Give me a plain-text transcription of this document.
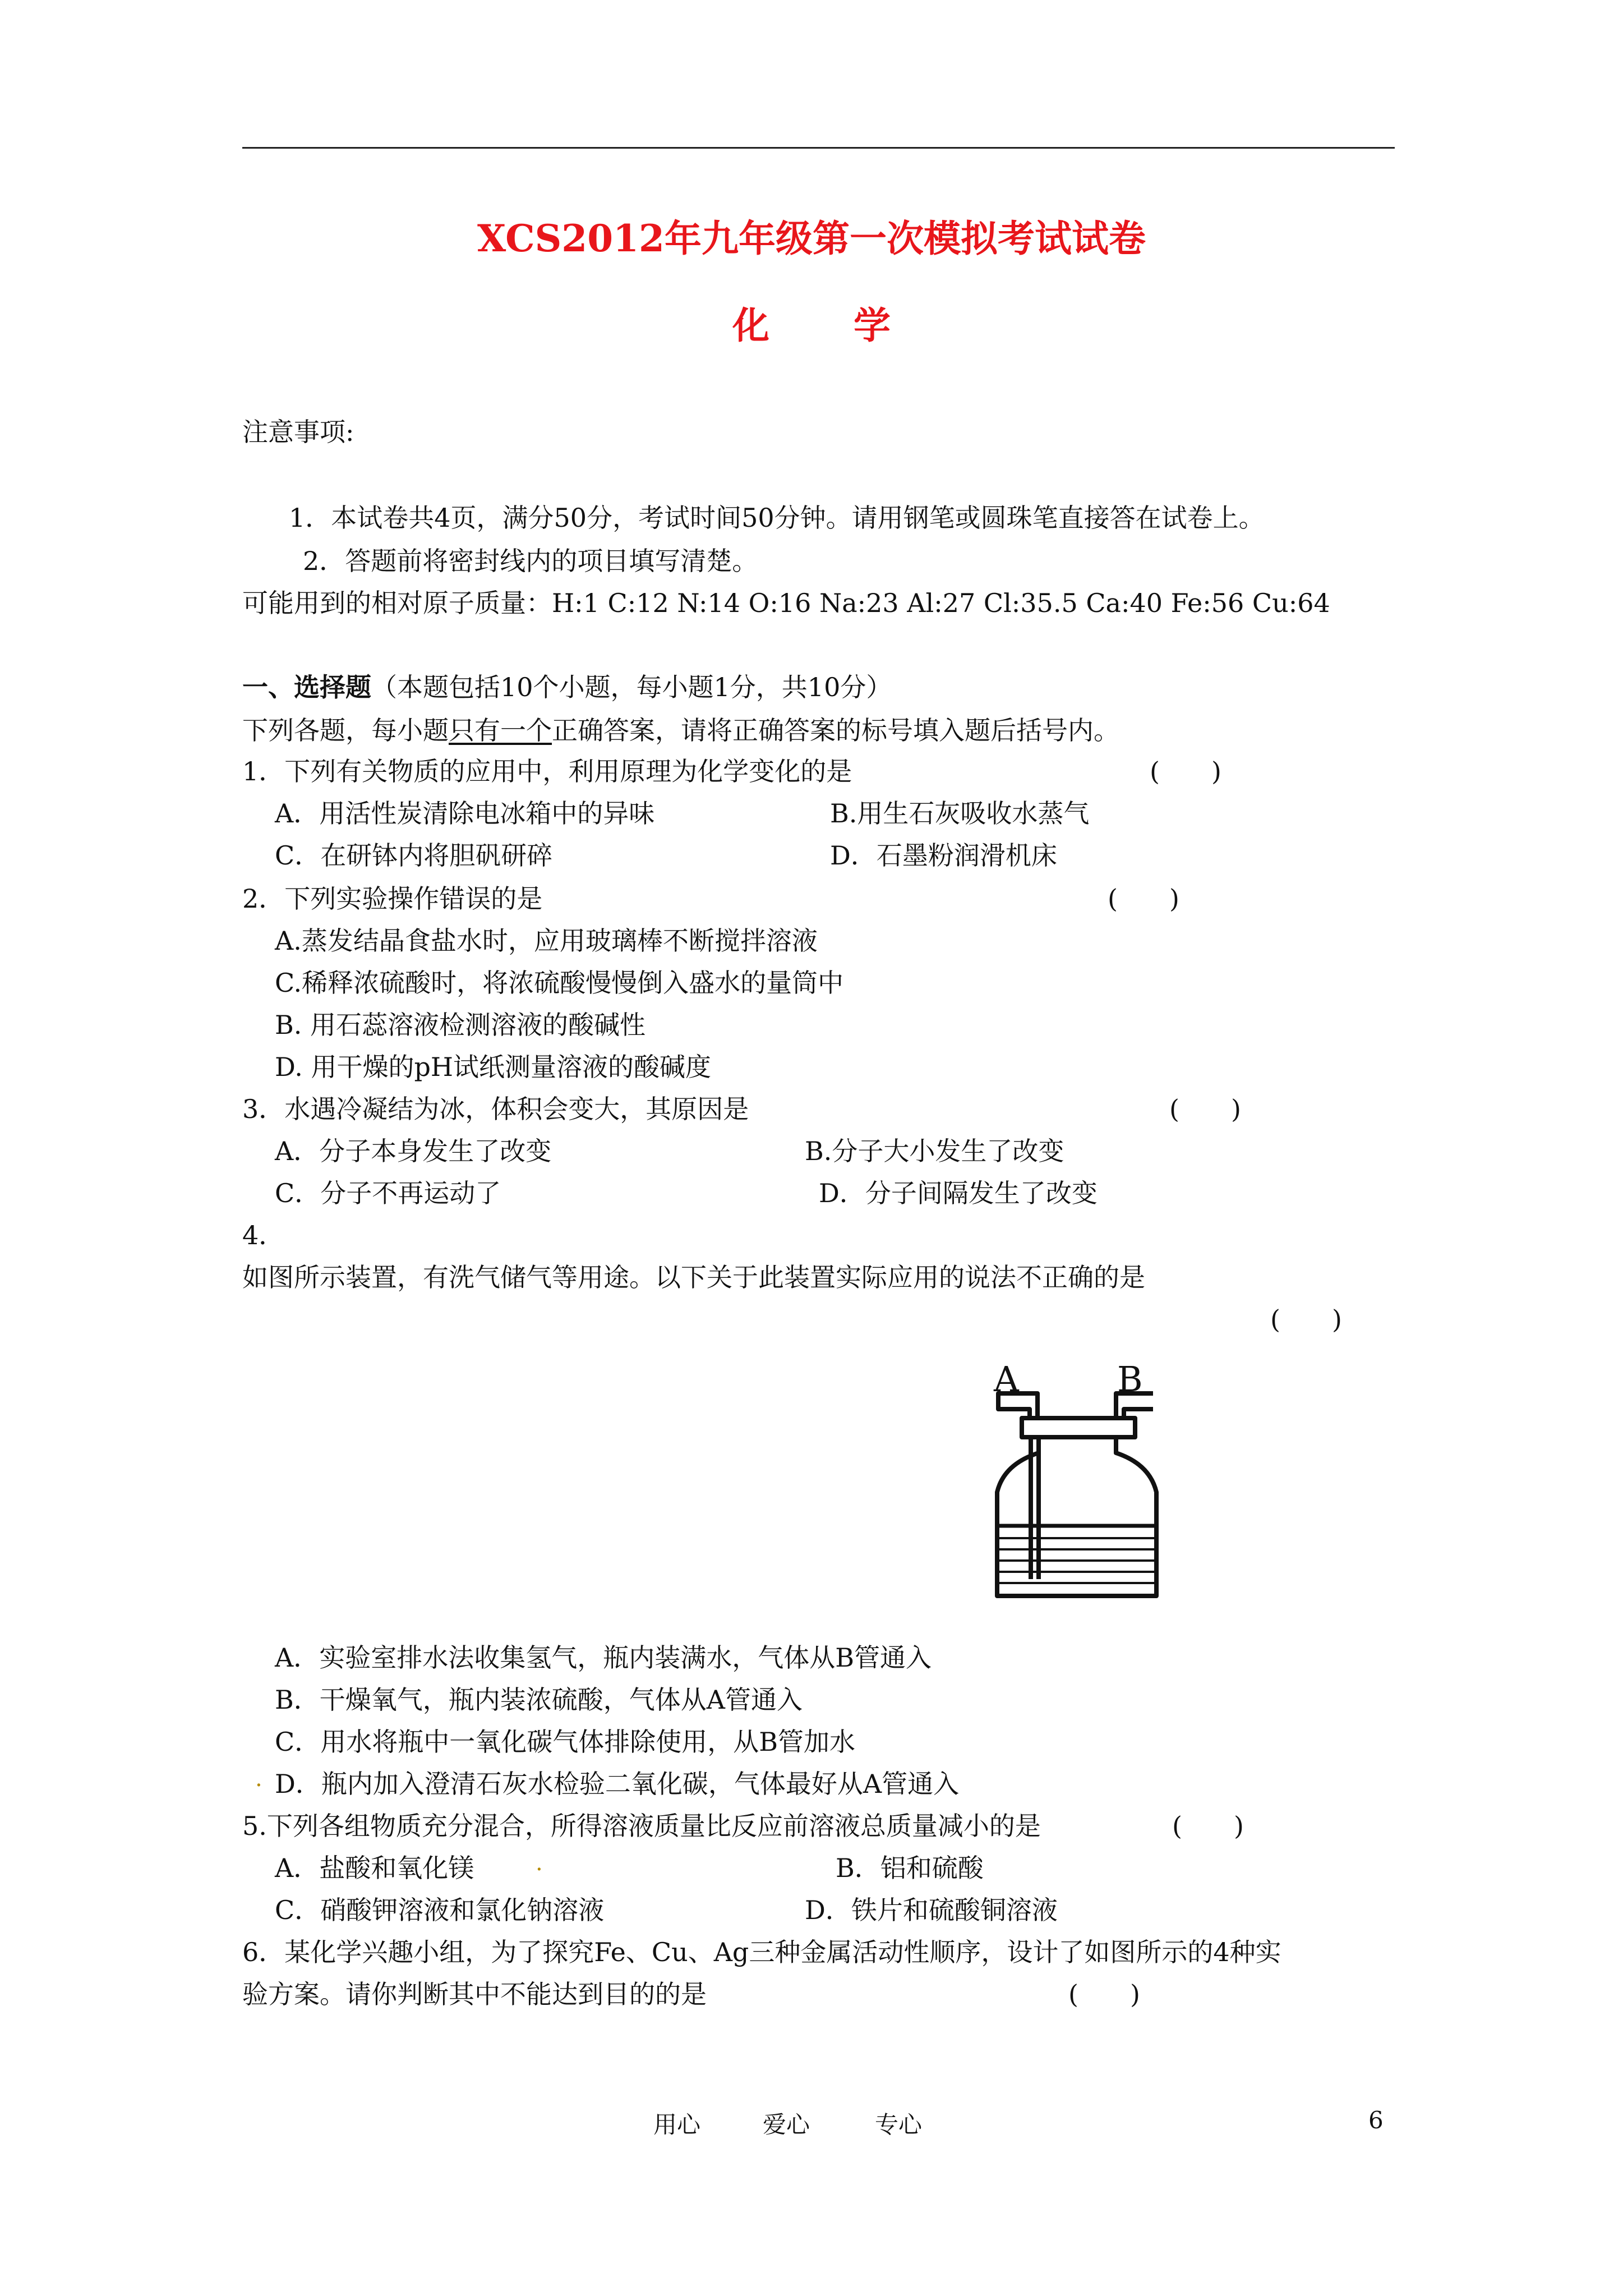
XCS2012年九年级第一次模拟考试试卷
化 学
注意事项:
1．本试卷共4页，满分50分，考试时间50分钟。请用钢笔或圆珠笔直接答在试卷上。
2．答题前将密封线内的项目填写清楚。
可能用到的相对原子质量：H:1 C:12 N:14 O:16 Na:23 Al:27 Cl:35.5 Ca:40 Fe:56 Cu:64
一、选择题（本题包括10个小题，每小题1分，共10分）
下列各题，每小题只有一个正确答案，请将正确答案的标号填入题后括号内。
1．下列有关物质的应用中，利用原理为化学变化的是	(　　)
A．用活性炭清除电冰箱中的异味	B.用生石灰吸收水蒸气
C．在研钵内将胆矾研碎	D．石墨粉润滑机床
2．下列实验操作错误的是	(　　)
A.蒸发结晶食盐水时，应用玻璃棒不断搅拌溶液
C.稀释浓硫酸时，将浓硫酸慢慢倒入盛水的量筒中
B. 用石蕊溶液检测溶液的酸碱性
D. 用干燥的pH试纸测量溶液的酸碱度
3．水遇冷凝结为冰，体积会变大，其原因是	(　　)
A．分子本身发生了改变	B.分子大小发生了改变
C．分子不再运动了	D．分子间隔发生了改变
4．
如图所示装置，有洗气储气等用途。以下关于此装置实际应用的说法不正确的是
(　　)
A	B
A．实验室排水法收集氢气，瓶内装满水，气体从B管通入
B．干燥氧气，瓶内装浓硫酸，气体从A管通入
C．用水将瓶中一氧化碳气体排除使用，从B管加水
. D．瓶内加入澄清石灰水检验二氧化碳，气体最好从A管通入
5.下列各组物质充分混合，所得溶液质量比反应前溶液总质量减小的是	(　　)
A．盐酸和氧化镁	.	B．铝和硫酸
C．硝酸钾溶液和氯化钠溶液	D．铁片和硫酸铜溶液
6．某化学兴趣小组，为了探究Fe、Cu、Ag三种金属活动性顺序，设计了如图所示的4种实
验方案。请你判断其中不能达到目的的是	(　　)
用心	爱心	专心	6
